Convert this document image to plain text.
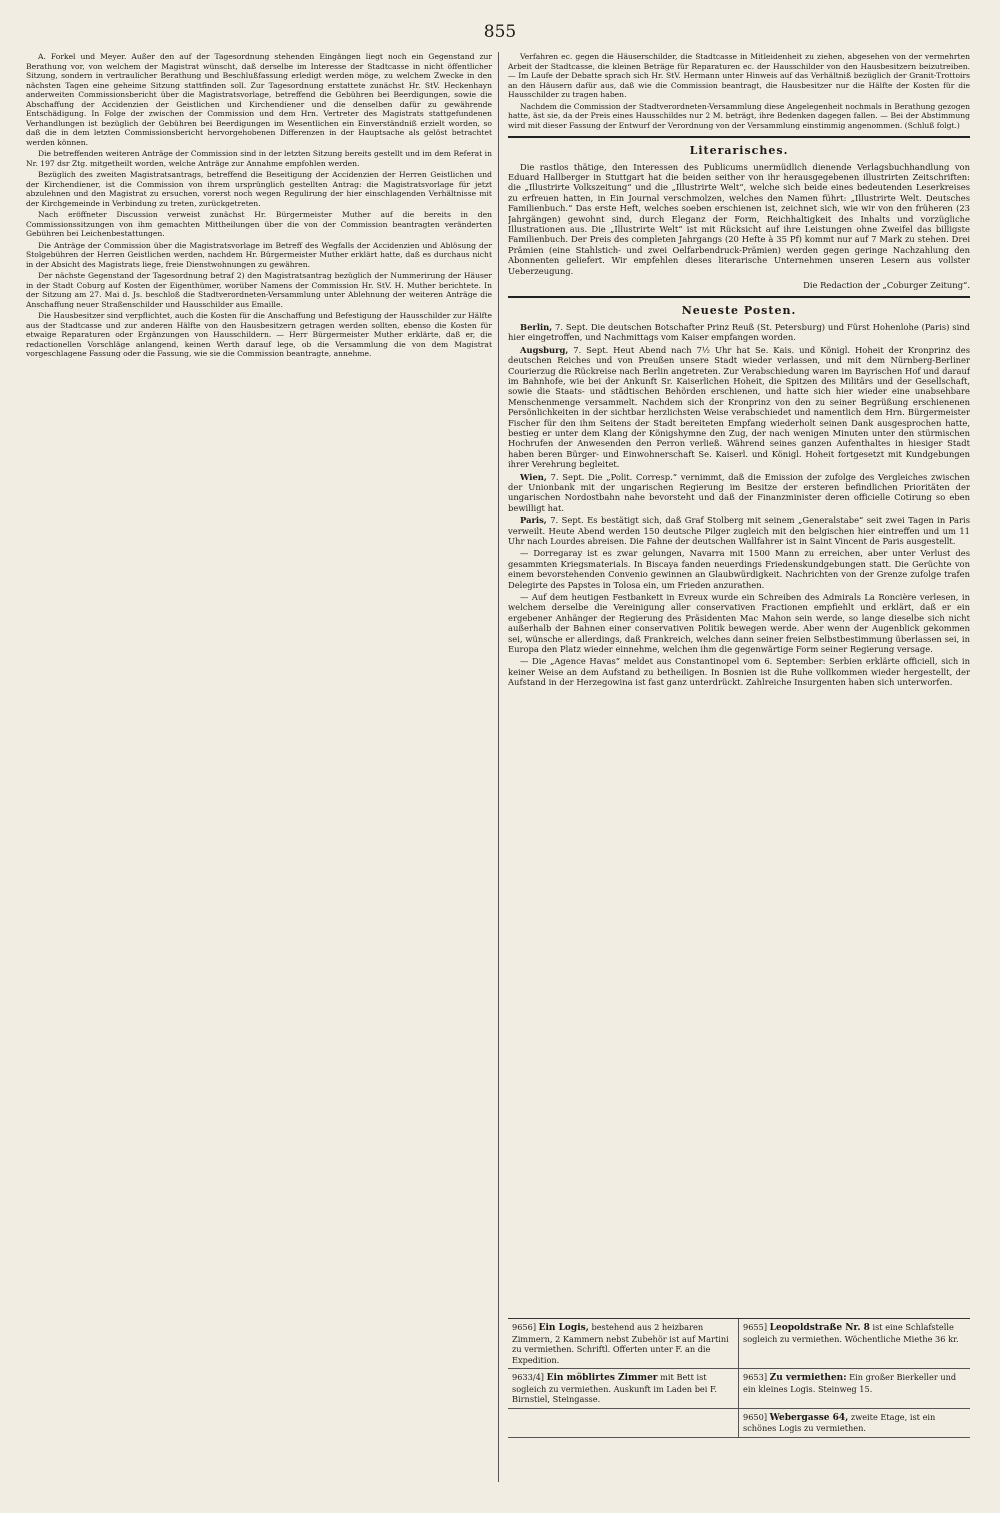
855

A. Forkel und Meyer. Außer den auf der Tagesordnung stehenden Eingängen liegt noch ein Gegenstand zur Berathung vor, von welchem der Magistrat wünscht, daß derselbe im Interesse der Stadtcasse in nicht öffentlicher Sitzung, sondern in vertraulicher Berathung und Beschlußfassung erledigt werden möge, zu welchem Zwecke in den nächsten Tagen eine geheime Sitzung stattfinden soll. Zur Tagesordnung erstattete zunächst Hr. StV. Heckenhayn anderweiten Commissionsbericht über die Magistratsvorlage, betreffend die Gebühren bei Beerdigungen, sowie die Abschaffung der Accidenzien der Geistlichen und Kirchendiener und die denselben dafür zu gewährende Entschädigung. In Folge der zwischen der Commission und dem Hrn. Vertreter des Magistrats stattgefundenen Verhandlungen ist bezüglich der Gebühren bei Beerdigungen im Wesentlichen ein Einverständniß erzielt worden, so daß die in dem letzten Commissionsbericht hervorgehobenen Differenzen in der Hauptsache als gelöst betrachtet werden können.

Die betreffenden weiteren Anträge der Commission sind in der letzten Sitzung bereits gestellt und im dem Referat in Nr. 197 dsr Ztg. mitgetheilt worden, welche Anträge zur Annahme empfohlen werden.

Bezüglich des zweiten Magistratsantrags, betreffend die Beseitigung der Accidenzien der Herren Geistlichen und der Kirchendiener, ist die Commission von ihrem ursprünglich gestellten Antrag: die Magistratsvorlage für jetzt abzulehnen und den Magistrat zu ersuchen, vorerst noch wegen Regulirung der hier einschlagenden Verhältnisse mit der Kirchgemeinde in Verbindung zu treten, zurückgetreten.

Nach eröffneter Discussion verweist zunächst Hr. Bürgermeister Muther auf die bereits in den Commissionssitzungen von ihm gemachten Mittheilungen über die von der Commission beantragten veränderten Gebühren bei Leichenbestattungen.

Die Anträge der Commission über die Magistratsvorlage im Betreff des Wegfalls der Accidenzien und Ablösung der Stolgebühren der Herren Geistlichen werden, nachdem Hr. Bürgermeister Muther erklärt hatte, daß es durchaus nicht in der Absicht des Magistrats liege, freie Dienstwohnungen zu gewähren.

Der nächste Gegenstand der Tagesordnung betraf 2) den Magistratsantrag bezüglich der Nummerirung der Häuser in der Stadt Coburg auf Kosten der Eigenthümer, worüber Namens der Commission Hr. StV. H. Muther berichtete. In der Sitzung am 27. Mai d. Js. beschloß die Stadtverordneten-Versammlung unter Ablehnung der weiteren Anträge die Anschaffung neuer Straßenschilder und Hausschilder aus Emaille.

Die Hausbesitzer sind verpflichtet, auch die Kosten für die Anschaffung und Befestigung der Hausschilder zur Hälfte aus der Stadtcasse und zur anderen Hälfte von den Hausbesitzern getragen werden sollten, ebenso die Kosten für etwaige Reparaturen oder Ergänzungen von Hausschildern. — Herr Bürgermeister Muther erklärte, daß er, die redactionellen Vorschläge anlangend, keinen Werth darauf lege, ob die Versammlung die von dem Magistrat vorgeschlagene Fassung oder die Fassung, wie sie die Commission beantragte, annehme.

Verfahren ec. gegen die Häuserschilder, die Stadtcasse in Mitleidenheit zu ziehen, abgesehen von der vermehrten Arbeit der Stadtcasse, die kleinen Beträge für Reparaturen ec. der Hausschilder von den Hausbesitzern beizutreiben. — Im Laufe der Debatte sprach sich Hr. StV. Hermann unter Hinweis auf das Verhältniß bezüglich der Granit-Trottoirs an den Häusern dafür aus, daß wie die Commission beantragt, die Hausbesitzer nur die Hälfte der Kosten für die Hausschilder zu tragen haben.

Nachdem die Commission der Stadtverordneten-Versammlung diese Angelegenheit nochmals in Berathung gezogen hatte, äst sie, da der Preis eines Hausschildes nur 2 M. beträgt, ihre Bedenken dagegen fallen. — Bei der Abstimmung wird mit dieser Fassung der Entwurf der Verordnung von der Versammlung einstimmig angenommen. (Schluß folgt.)

Literarisches.

Die rastlos thätige, den Interessen des Publicums unermüdlich dienende Verlagsbuchhandlung von Eduard Hallberger in Stuttgart hat die beiden seither von ihr herausgegebenen illustrirten Zeitschriften: die „Illustrirte Volkszeitung“ und die „Illustrirte Welt“, welche sich beide eines bedeutenden Leserkreises zu erfreuen hatten, in Ein Journal verschmolzen, welches den Namen führt: „Illustrirte Welt. Deutsches Familienbuch.“ Das erste Heft, welches soeben erschienen ist, zeichnet sich, wie wir von den früheren (23 Jahrgängen) gewohnt sind, durch Eleganz der Form, Reichhaltigkeit des Inhalts und vorzügliche Illustrationen aus. Die „Illustrirte Welt“ ist mit Rücksicht auf ihre Leistungen ohne Zweifel das billigste Familienbuch. Der Preis des completen Jahrgangs (20 Hefte à 35 Pf) kommt nur auf 7 Mark zu stehen. Drei Prämien (eine Stahlstich- und zwei Oelfarbendruck-Prämien) werden gegen geringe Nachzahlung den Abonnenten geliefert. Wir empfehlen dieses literarische Unternehmen unseren Lesern aus vollster Ueberzeugung.

Die Redaction der „Coburger Zeitung“.
Neueste Posten.

Berlin, 7. Sept. Die deutschen Botschafter Prinz Reuß (St. Petersburg) und Fürst Hohenlohe (Paris) sind hier eingetroffen, und Nachmittags vom Kaiser empfangen worden.

Augsburg, 7. Sept. Heut Abend nach 7½ Uhr hat Se. Kais. und Königl. Hoheit der Kronprinz des deutschen Reiches und von Preußen unsere Stadt wieder verlassen, und mit dem Nürnberg-Berliner Courierzug die Rückreise nach Berlin angetreten. Zur Verabschiedung waren im Bayrischen Hof und darauf im Bahnhofe, wie bei der Ankunft Sr. Kaiserlichen Hoheit, die Spitzen des Militärs und der Gesellschaft, sowie die Staats- und städtischen Behörden erschienen, und hatte sich hier wieder eine unabsehbare Menschenmenge versammelt. Nachdem sich der Kronprinz von den zu seiner Begrüßung erschienenen Persönlichkeiten in der sichtbar herzlichsten Weise verabschiedet und namentlich dem Hrn. Bürgermeister Fischer für den ihm Seitens der Stadt bereiteten Empfang wiederholt seinen Dank ausgesprochen hatte, bestieg er unter dem Klang der Königshymne den Zug, der nach wenigen Minuten unter den stürmischen Hochrufen der Anwesenden den Perron verließ. Während seines ganzen Aufenthaltes in hiesiger Stadt haben beren Bürger- und Einwohnerschaft Se. Kaiserl. und Königl. Hoheit fortgesetzt mit Kundgebungen ihrer Verehrung begleitet.

Wien, 7. Sept. Die „Polit. Corresp.“ vernimmt, daß die Emission der zufolge des Vergleiches zwischen der Unionbank mit der ungarischen Regierung im Besitze der ersteren befindlichen Prioritäten der ungarischen Nordostbahn nahe bevorsteht und daß der Finanzminister deren officielle Cotirung so eben bewilligt hat.

Paris, 7. Sept. Es bestätigt sich, daß Graf Stolberg mit seinem „Generalstabe“ seit zwei Tagen in Paris verweilt. Heute Abend werden 150 deutsche Pilger zugleich mit den belgischen hier eintreffen und um 11 Uhr nach Lourdes abreisen. Die Fahne der deutschen Wallfahrer ist in Saint Vincent de Paris ausgestellt.

— Dorregaray ist es zwar gelungen, Navarra mit 1500 Mann zu erreichen, aber unter Verlust des gesammten Kriegsmaterials. In Biscaya fanden neuerdings Friedenskundgebungen statt. Die Gerüchte von einem bevorstehenden Convenio gewinnen an Glaubwürdigkeit. Nachrichten von der Grenze zufolge trafen Delegirte des Papstes in Tolosa ein, um Frieden anzurathen.

— Auf dem heutigen Festbankett in Evreux wurde ein Schreiben des Admirals La Roncière verlesen, in welchem derselbe die Vereinigung aller conservativen Fractionen empfiehlt und erklärt, daß er ein ergebener Anhänger der Regierung des Präsidenten Mac Mahon sein werde, so lange dieselbe sich nicht außerhalb der Bahnen einer conservativen Politik bewegen werde. Aber wenn der Augenblick gekommen sei, wünsche er allerdings, daß Frankreich, welches dann seiner freien Selbstbestimmung überlassen sei, in Europa den Platz wieder einnehme, welchen ihm die gegenwärtige Form seiner Regierung versage.

— Die „Agence Havas“ meldet aus Constantinopel vom 6. September: Serbien erklärte officiell, sich in keiner Weise an dem Aufstand zu betheiligen. In Bosnien ist die Ruhe vollkommen wieder hergestellt, der Aufstand in der Herzegowina ist fast ganz unterdrückt. Zahlreiche Insurgenten haben sich unterworfen.

9656] Ein Logis, bestehend aus 2 heizbaren Zimmern, 2 Kammern nebst Zubehör ist auf Martini zu vermiethen. Schriftl. Offerten unter F. an die Expedition.
9655] Leopoldstraße Nr. 8 ist eine Schlafstelle sogleich zu vermiethen. Wöchentliche Miethe 36 kr.
9633/4] Ein möblirtes Zimmer mit Bett ist sogleich zu vermiethen. Auskunft im Laden bei F. Birnstiel, Steingasse.
9653] Zu vermiethen: Ein großer Bierkeller und ein kleines Logis. Steinweg 15.
9650] Webergasse 64, zweite Etage, ist ein schönes Logis zu vermiethen.
